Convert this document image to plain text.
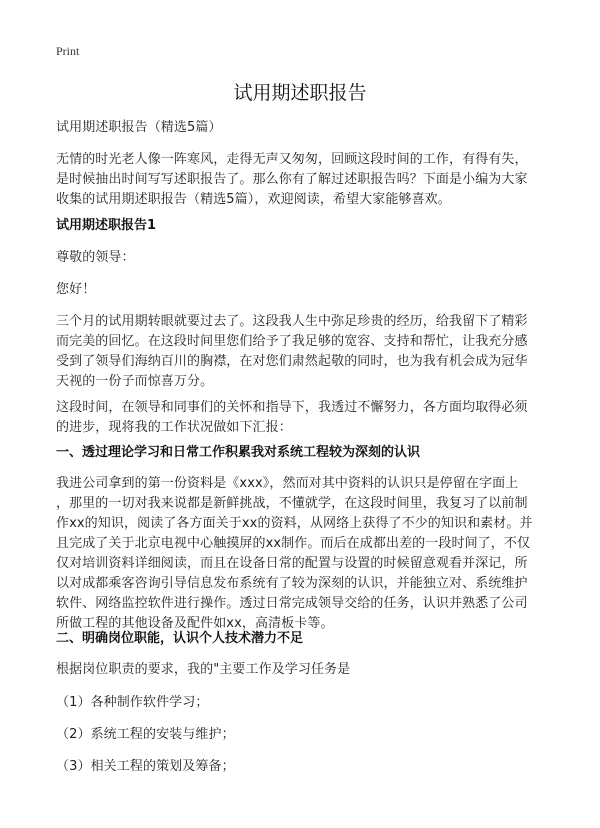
Print
试用期述职报告

试用期述职报告（精选5篇）

无情的时光老人像一阵寒风，走得无声又匆匆，回顾这段时间的工作，有得有失，
是时候抽出时间写写述职报告了。那么你有了解过述职报告吗？下面是小编为大家
收集的试用期述职报告（精选5篇），欢迎阅读，希望大家能够喜欢。

试用期述职报告1

尊敬的领导：

您好！

三个月的试用期转眼就要过去了。这段我人生中弥足珍贵的经历，给我留下了精彩
而完美的回忆。在这段时间里您们给予了我足够的宽容、支持和帮忙，让我充分感
受到了领导们海纳百川的胸襟，在对您们肃然起敬的同时，也为我有机会成为冠华
天视的一份子而惊喜万分。

这段时间，在领导和同事们的关怀和指导下，我透过不懈努力，各方面均取得必须
的进步，现将我的工作状况做如下汇报：

一、透过理论学习和日常工作积累我对系统工程较为深刻的认识

我进公司拿到的第一份资料是《xxx》，然而对其中资料的认识只是停留在字面上
，那里的一切对我来说都是新鲜挑战，不懂就学，在这段时间里，我复习了以前制
作xx的知识，阅读了各方面关于xx的资料，从网络上获得了不少的知识和素材。并
且完成了关于北京电视中心触摸屏的xx制作。而后在成都出差的一段时间了，不仅
仅对培训资料详细阅读，而且在设备日常的配置与设置的时候留意观看并深记，所
以对成都乘客咨询引导信息发布系统有了较为深刻的认识，并能独立对、系统维护
软件、网络监控软件进行操作。透过日常完成领导交给的任务，认识并熟悉了公司
所做工程的其他设备及配件如xx，高清板卡等。

二、明确岗位职能，认识个人技术潜力不足

根据岗位职责的要求，我的"主要工作及学习任务是

（1）各种制作软件学习；

（2）系统工程的安装与维护；

（3）相关工程的策划及筹备；
